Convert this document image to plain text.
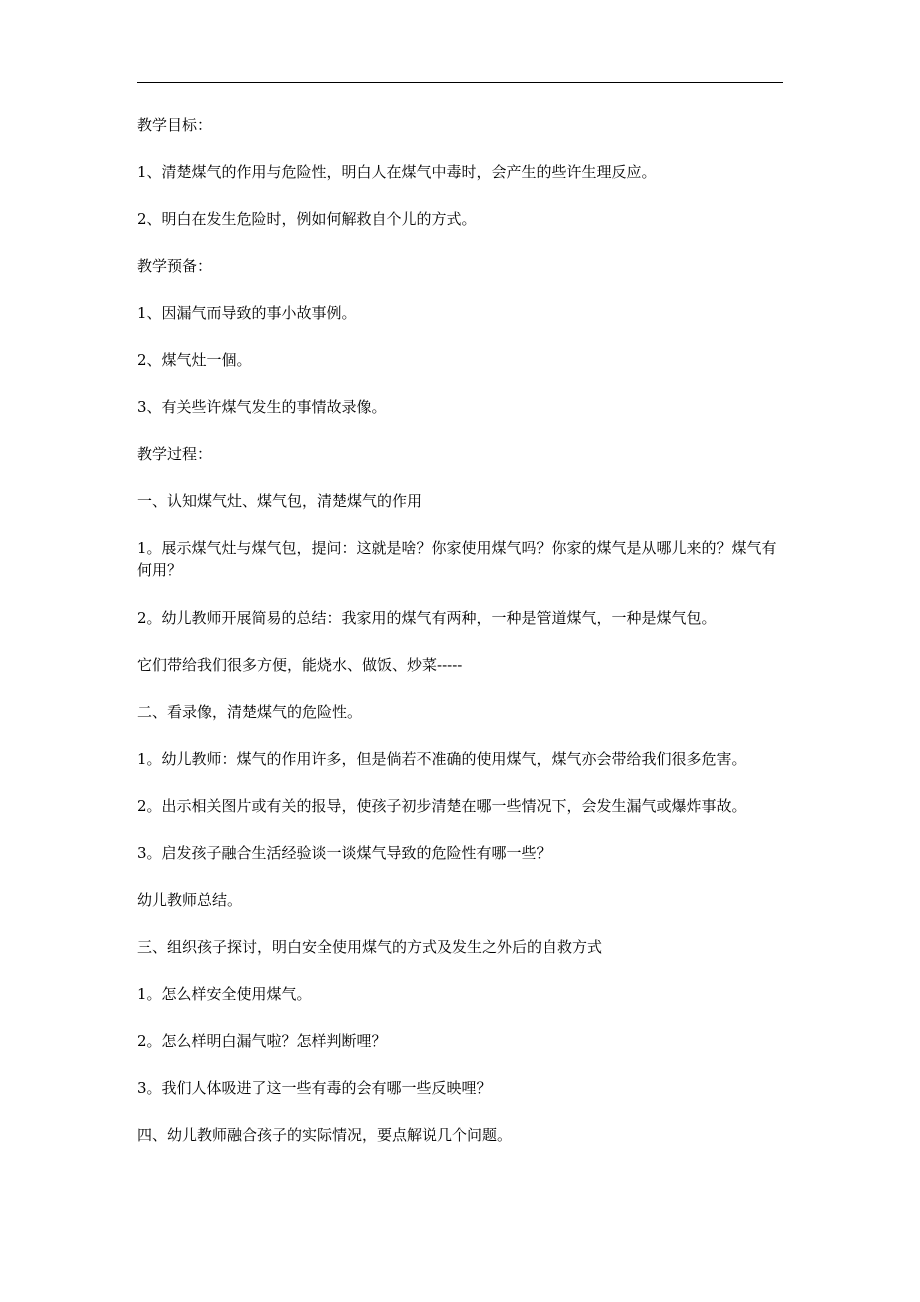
教学目标：

1、清楚煤气的作用与危险性，明白人在煤气中毒时，会产生的些许生理反应。

2、明白在发生危险时，例如何解救自个儿的方式。

教学预备：

1、因漏气而导致的事小故事例。

2、煤气灶一個。

3、有关些许煤气发生的事情故录像。

教学过程：

一、认知煤气灶、煤气包，清楚煤气的作用

1。展示煤气灶与煤气包，提问：这就是啥？你家使用煤气吗？你家的煤气是从哪儿来的？煤气有何用？

2。幼儿教师开展简易的总结：我家用的煤气有两种，一种是管道煤气，一种是煤气包。

它们带给我们很多方便，能烧水、做饭、炒菜-----

二、看录像，清楚煤气的危险性。

1。幼儿教师：煤气的作用许多，但是倘若不准确的使用煤气，煤气亦会带给我们很多危害。

2。出示相关图片或有关的报导，使孩子初步清楚在哪一些情况下，会发生漏气或爆炸事故。

3。启发孩子融合生活经验谈一谈煤气导致的危险性有哪一些？

幼儿教师总结。

三、组织孩子探讨，明白安全使用煤气的方式及发生之外后的自救方式

1。怎么样安全使用煤气。

2。怎么样明白漏气啦？怎样判断哩？

3。我们人体吸进了这一些有毒的会有哪一些反映哩？

四、幼儿教师融合孩子的实际情况，要点解说几个问题。
